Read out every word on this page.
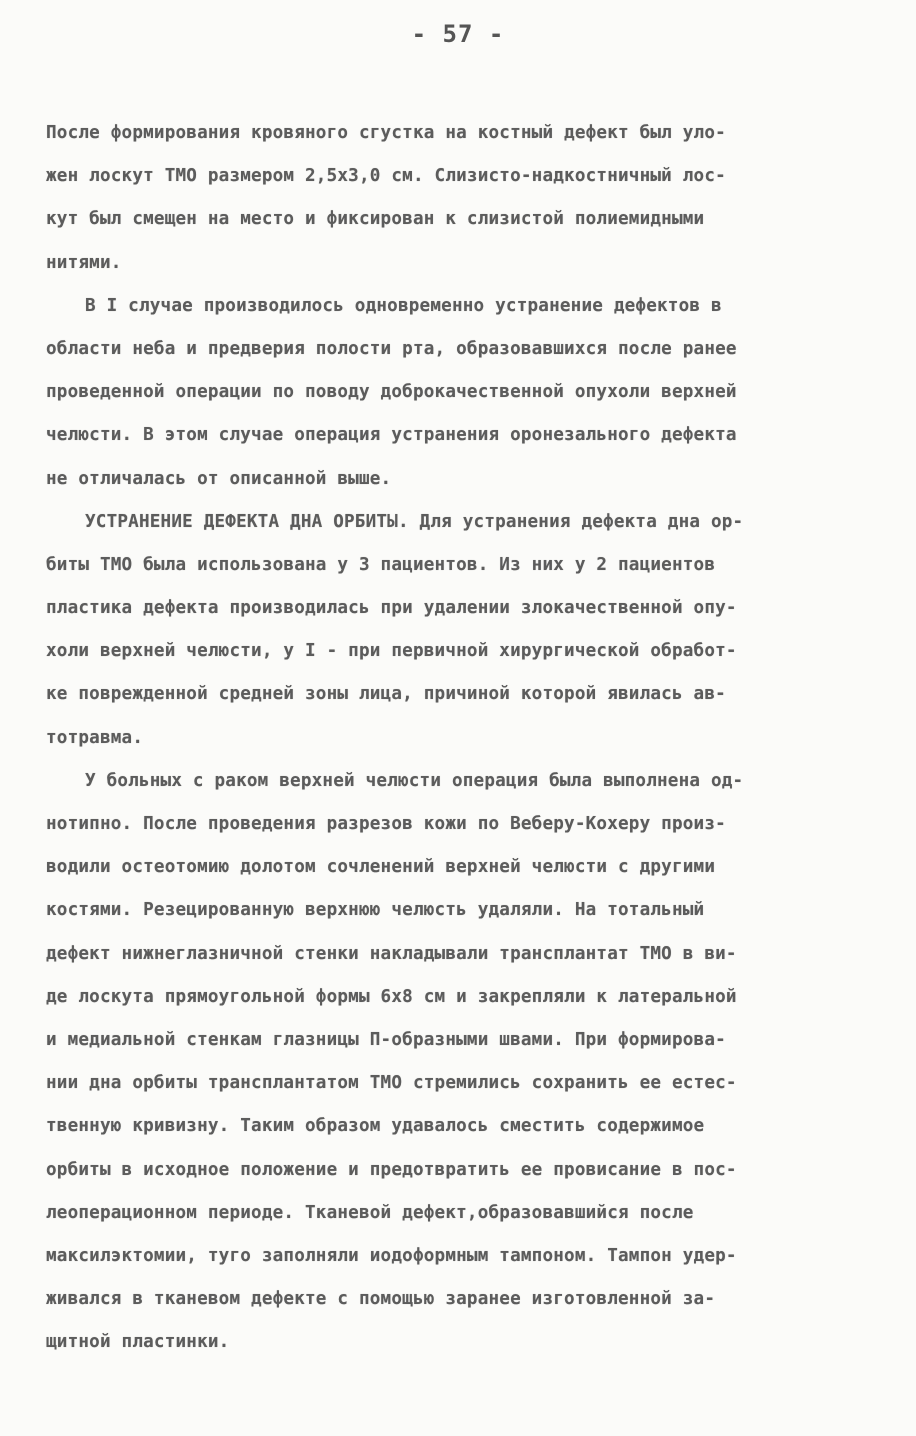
- 57 -
После формирования кровяного сгустка на костный дефект был уло-
жен лоскут ТМО размером 2,5х3,0 см. Слизисто-надкостничный лос-
кут был смещен на место и фиксирован к слизистой полиемидными
нитями.
В I случае производилось одновременно устранение дефектов в
области неба и предверия полости рта, образовавшихся после ранее
проведенной операции по поводу доброкачественной опухоли верхней
челюсти. В этом случае операция устранения оронезального дефекта
не отличалась от описанной выше.
УСТРАНЕНИЕ ДЕФЕКТА ДНА ОРБИТЫ. Для устранения дефекта дна ор-
биты ТМО была использована у 3 пациентов. Из них у 2 пациентов
пластика дефекта производилась при удалении злокачественной опу-
холи верхней челюсти, у I - при первичной хирургической обработ-
ке поврежденной средней зоны лица, причиной которой явилась ав-
тотравма.
У больных с раком верхней челюсти операция была выполнена од-
нотипно. После проведения разрезов кожи по Веберу-Кохеру произ-
водили остеотомию долотом сочленений верхней челюсти с другими
костями. Резецированную верхнюю челюсть удаляли. На тотальный
дефект нижнеглазничной стенки накладывали трансплантат ТМО в ви-
де лоскута прямоугольной формы 6х8 см и закрепляли к латеральной
и медиальной стенкам глазницы П-образными швами. При формирова-
нии дна орбиты трансплантатом ТМО стремились сохранить ее естес-
твенную кривизну. Таким образом удавалось сместить содержимое
орбиты в исходное положение и предотвратить ее провисание в пос-
леоперационном периоде. Тканевой дефект,образовавшийся после
максилэктомии, туго заполняли иодоформным тампоном. Тампон удер-
живался в тканевом дефекте с помощью заранее изготовленной за-
щитной пластинки.
